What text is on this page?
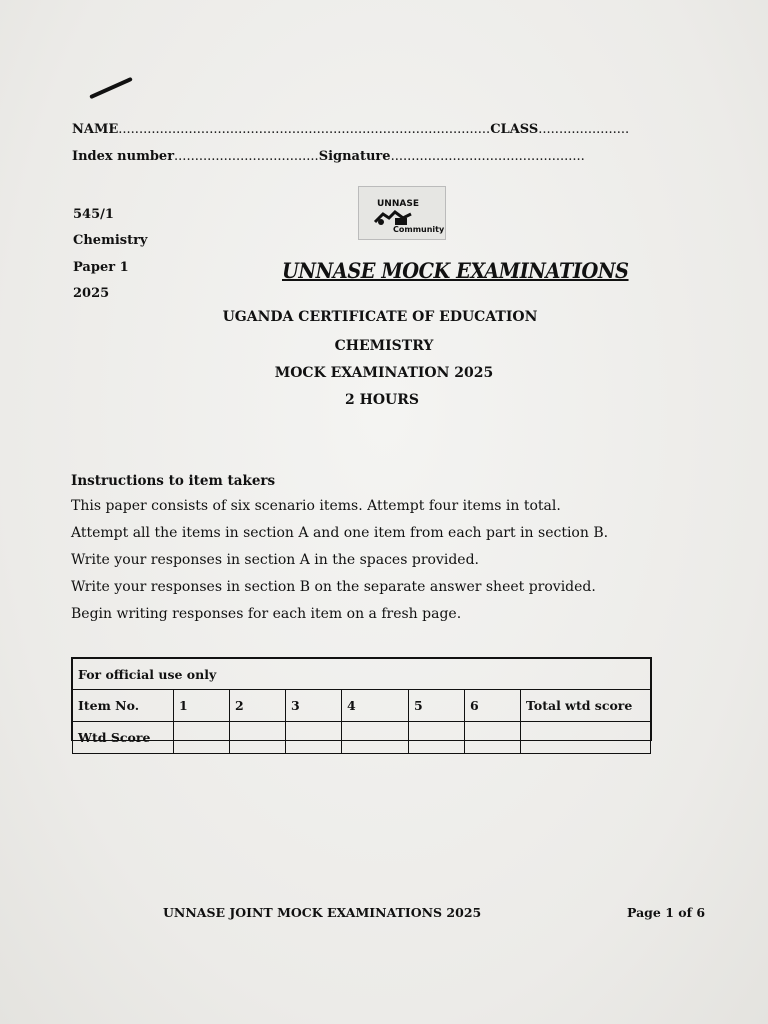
NAME..........................................................................................CLASS......................
Index number...................................Signature...............................................
545/1
Chemistry
Paper 1
2025
UNNASE
Community
UNNASE MOCK EXAMINATIONS
UGANDA CERTIFICATE OF EDUCATION
CHEMISTRY
MOCK EXAMINATION 2025
2 HOURS
Instructions to item takers
This paper consists of six scenario items. Attempt four items in total.
Attempt all the items in section A and one item from each part in section B.
Write your responses in section A in the spaces provided.
Write your responses in section B on the separate answer sheet provided.
Begin writing responses for each item on a fresh page.
For official use only							
Item No.	1	2	3	4	5	6	Total wtd score
Wtd Score							
UNNASE JOINT MOCK EXAMINATIONS 2025	Page 1 of 6
